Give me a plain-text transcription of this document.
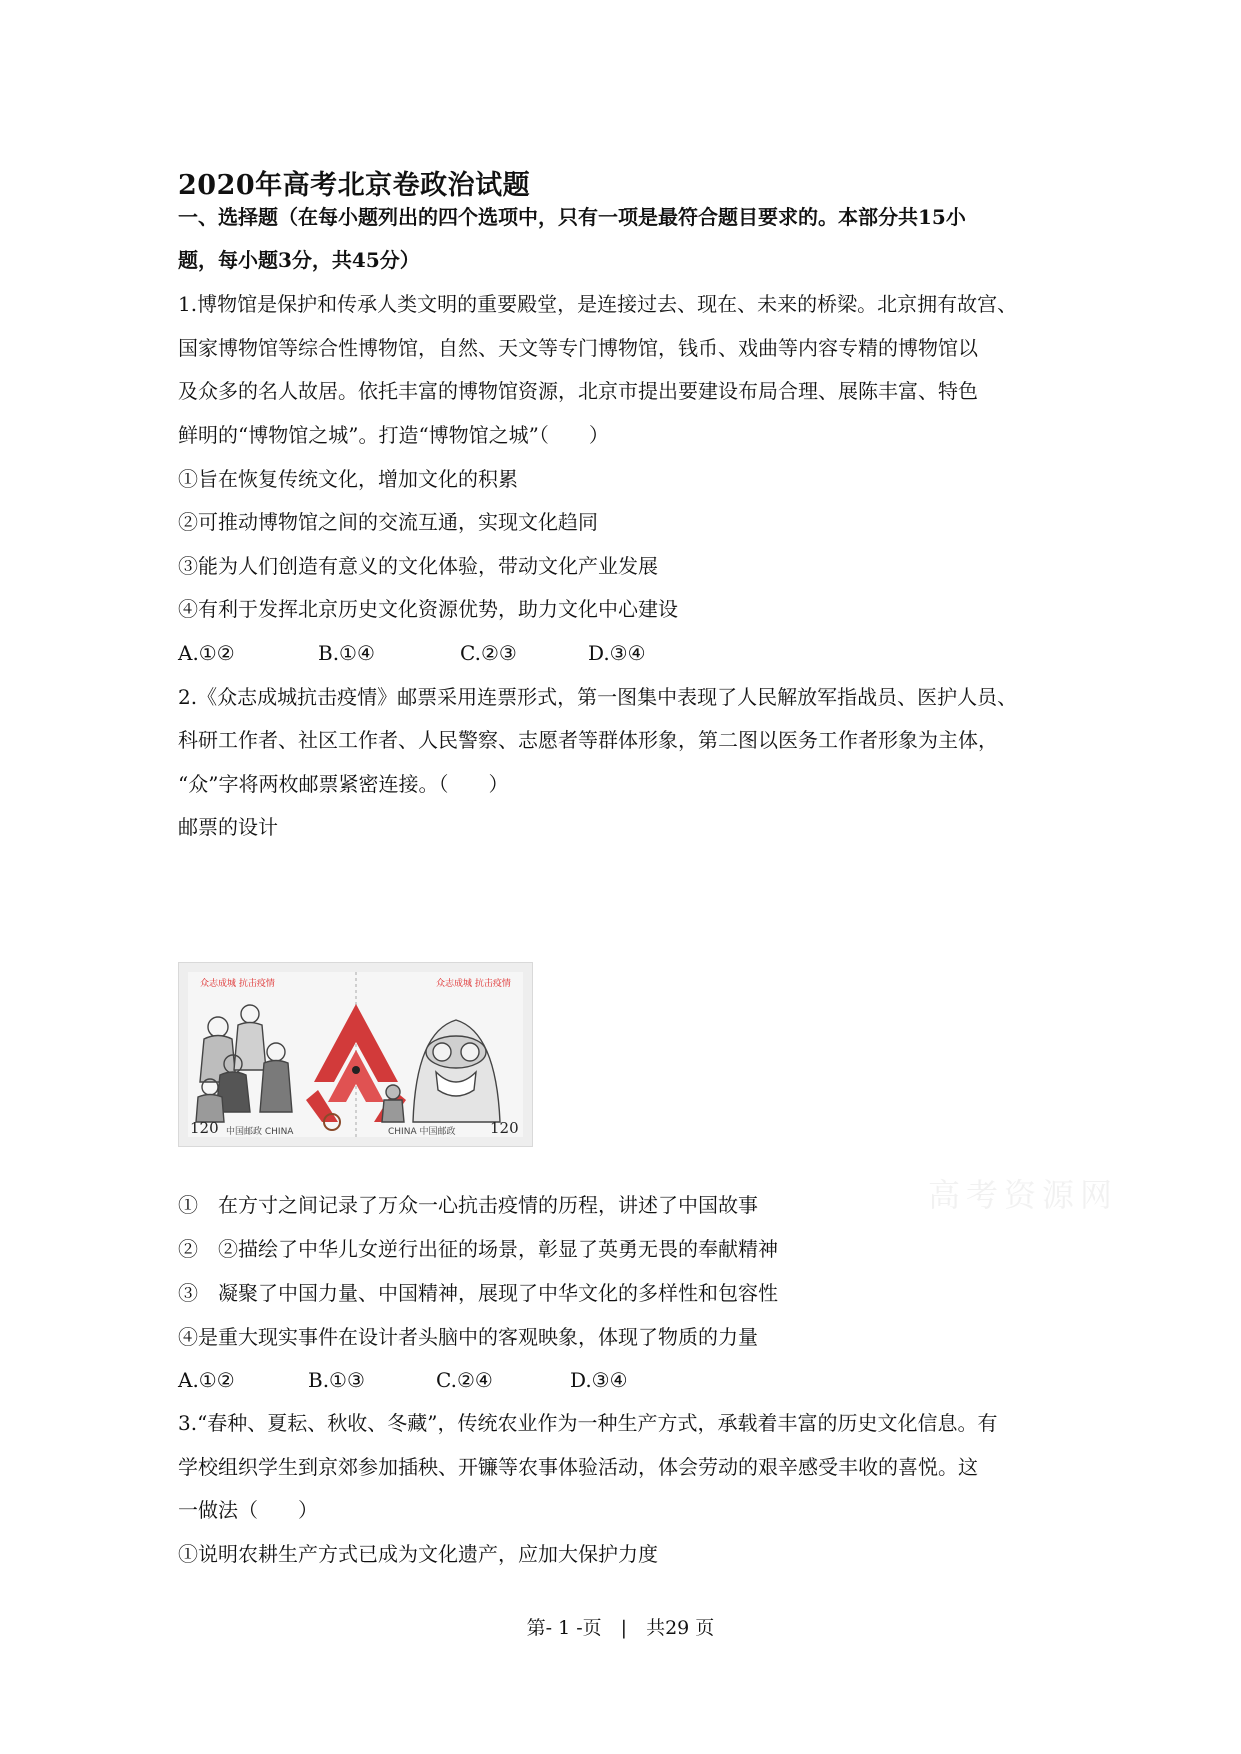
2020年高考北京卷政治试题
一、选择题（在每小题列出的四个选项中，只有一项是最符合题目要求的。本部分共15小
题，每小题3分，共45分）
1.博物馆是保护和传承人类文明的重要殿堂，是连接过去、现在、未来的桥梁。北京拥有故宫、
国家博物馆等综合性博物馆，自然、天文等专门博物馆，钱币、戏曲等内容专精的博物馆以
及众多的名人故居。依托丰富的博物馆资源，北京市提出要建设布局合理、展陈丰富、特色
鲜明的“博物馆之城”。打造“博物馆之城”（　　）
①旨在恢复传统文化，增加文化的积累
②可推动博物馆之间的交流互通，实现文化趋同
③能为人们创造有意义的文化体验，带动文化产业发展
④有利于发挥北京历史文化资源优势，助力文化中心建设
A.①②	B.①④	C.②③	D.③④
2.《众志成城抗击疫情》邮票采用连票形式，第一图集中表现了人民解放军指战员、医护人员、
科研工作者、社区工作者、人民警察、志愿者等群体形象，第二图以医务工作者形象为主体，
“众”字将两枚邮票紧密连接。（　　）
邮票的设计
众志成城 抗击疫情	众志成城 抗击疫情
120 中国邮政 CHINA	CHINA 中国邮政 120
①　在方寸之间记录了万众一心抗击疫情的历程，讲述了中国故事
②　②描绘了中华儿女逆行出征的场景，彰显了英勇无畏的奉献精神
③　凝聚了中国力量、中国精神，展现了中华文化的多样性和包容性
④是重大现实事件在设计者头脑中的客观映象，体现了物质的力量
A.①②	B.①③	C.②④	D.③④
3.“春种、夏耘、秋收、冬藏”，传统农业作为一种生产方式，承载着丰富的历史文化信息。有
学校组织学生到京郊参加插秧、开镰等农事体验活动，体会劳动的艰辛感受丰收的喜悦。这
一做法（　　）
①说明农耕生产方式已成为文化遗产，应加大保护力度
高考资源网
第- 1 -页　|　共29 页
